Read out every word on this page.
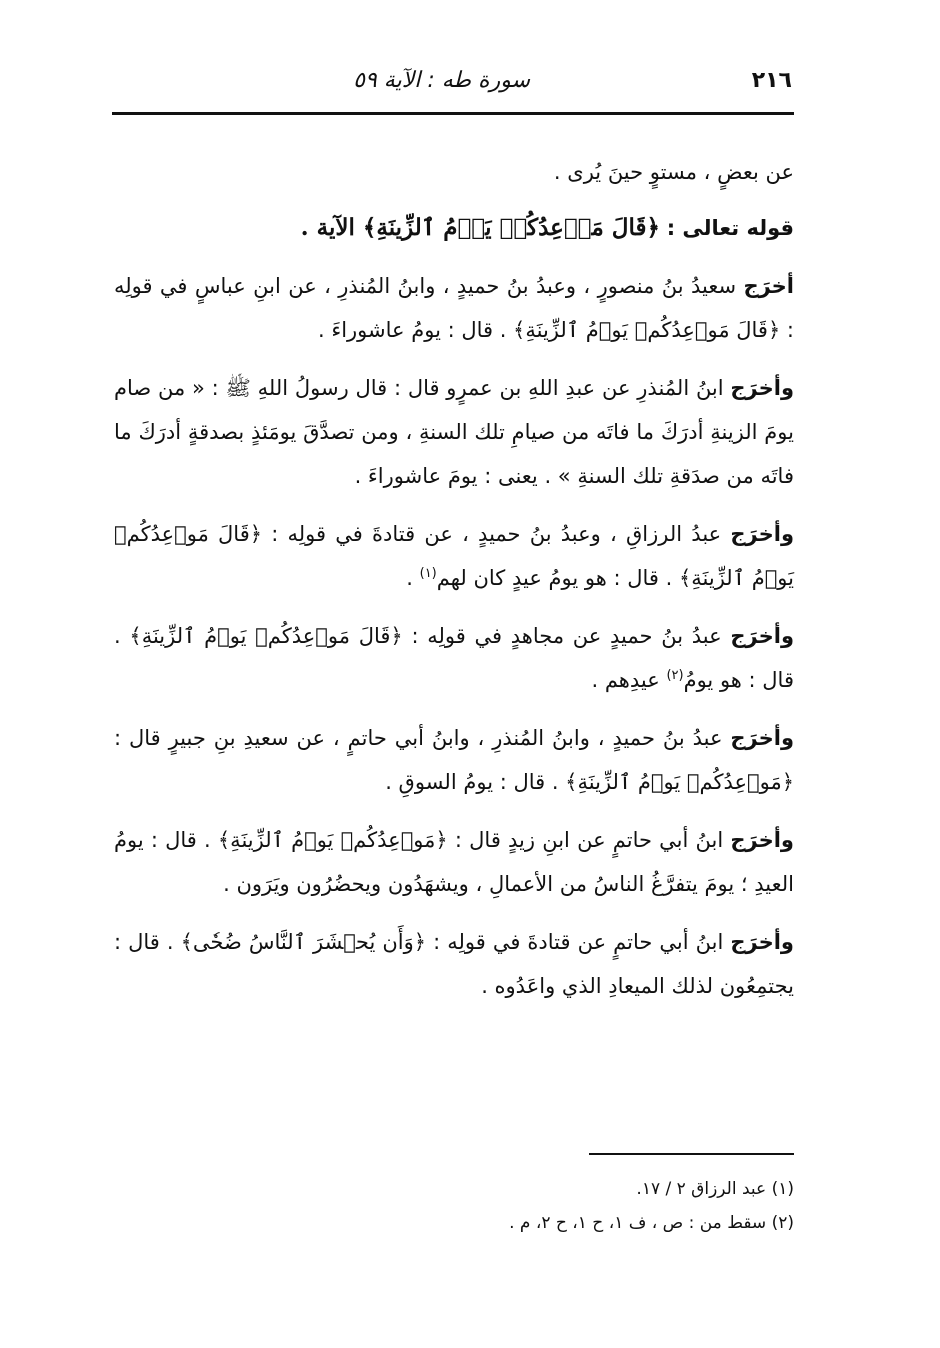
٢١٦
سورة طه : الآية ٥٩

عن بعضٍ ، مستوٍ حينَ يُرى .

قوله تعالى : ﴿قَالَ مَوۡعِدُكُمۡ يَوۡمُ ٱلزِّينَةِ﴾ الآية .

أخرَج سعيدُ بنُ منصورٍ ، وعبدُ بنُ حميدٍ ، وابنُ المُنذرِ ، عن ابنِ عباسٍ في قولِه : ﴿قَالَ مَوۡعِدُكُمۡ يَوۡمُ ٱلزِّينَةِ﴾ . قال : يومُ عاشوراءَ .

وأخرَج ابنُ المُنذرِ عن عبدِ اللهِ بن عمرٍو قال : قال رسولُ اللهِ ﷺ : « من صام يومَ الزينةِ أدرَكَ ما فاتَه من صيامِ تلك السنةِ ، ومن تصدَّقَ يومَئذٍ بصدقةٍ أدرَكَ ما فاتَه من صدَقةِ تلك السنةِ » . يعنى : يومَ عاشوراءَ .

وأخرَج عبدُ الرزاقِ ، وعبدُ بنُ حميدٍ ، عن قتادةَ في قولِه : ﴿قَالَ مَوۡعِدُكُمۡ يَوۡمُ ٱلزِّينَةِ﴾ . قال : هو يومُ عيدٍ كان لهم$^{(١)}$ .

وأخرَج عبدُ بنُ حميدٍ عن مجاهدٍ في قولِه : ﴿قَالَ مَوۡعِدُكُمۡ يَوۡمُ ٱلزِّينَةِ﴾ . قال : هو يومُ$^{(٢)}$ عيدِهم .

وأخرَج عبدُ بنُ حميدٍ ، وابنُ المُنذرِ ، وابنُ أبي حاتمٍ ، عن سعيدِ بنِ جبيرٍ قال : ﴿مَوۡعِدُكُمۡ يَوۡمُ ٱلزِّينَةِ﴾ . قال : يومُ السوقِ .

وأخرَج ابنُ أبي حاتمٍ عن ابنِ زيدٍ قال : ﴿مَوۡعِدُكُمۡ يَوۡمُ ٱلزِّينَةِ﴾ . قال : يومُ العيدِ ؛ يومَ يتفرَّغُ الناسُ من الأعمالِ ، ويشهَدُون ويحضُرُون ويَرَون .

وأخرَج ابنُ أبي حاتمٍ عن قتادةَ في قولِه : ﴿وَأَن يُحۡشَرَ ٱلنَّاسُ ضُحٗى﴾ . قال : يجتمِعُون لذلك الميعادِ الذي واعَدُوه .

(١) عبد الرزاق ٢ / ١٧.

(٢) سقط من : ص ، ف ١، ح ١، ح ٢، م .
